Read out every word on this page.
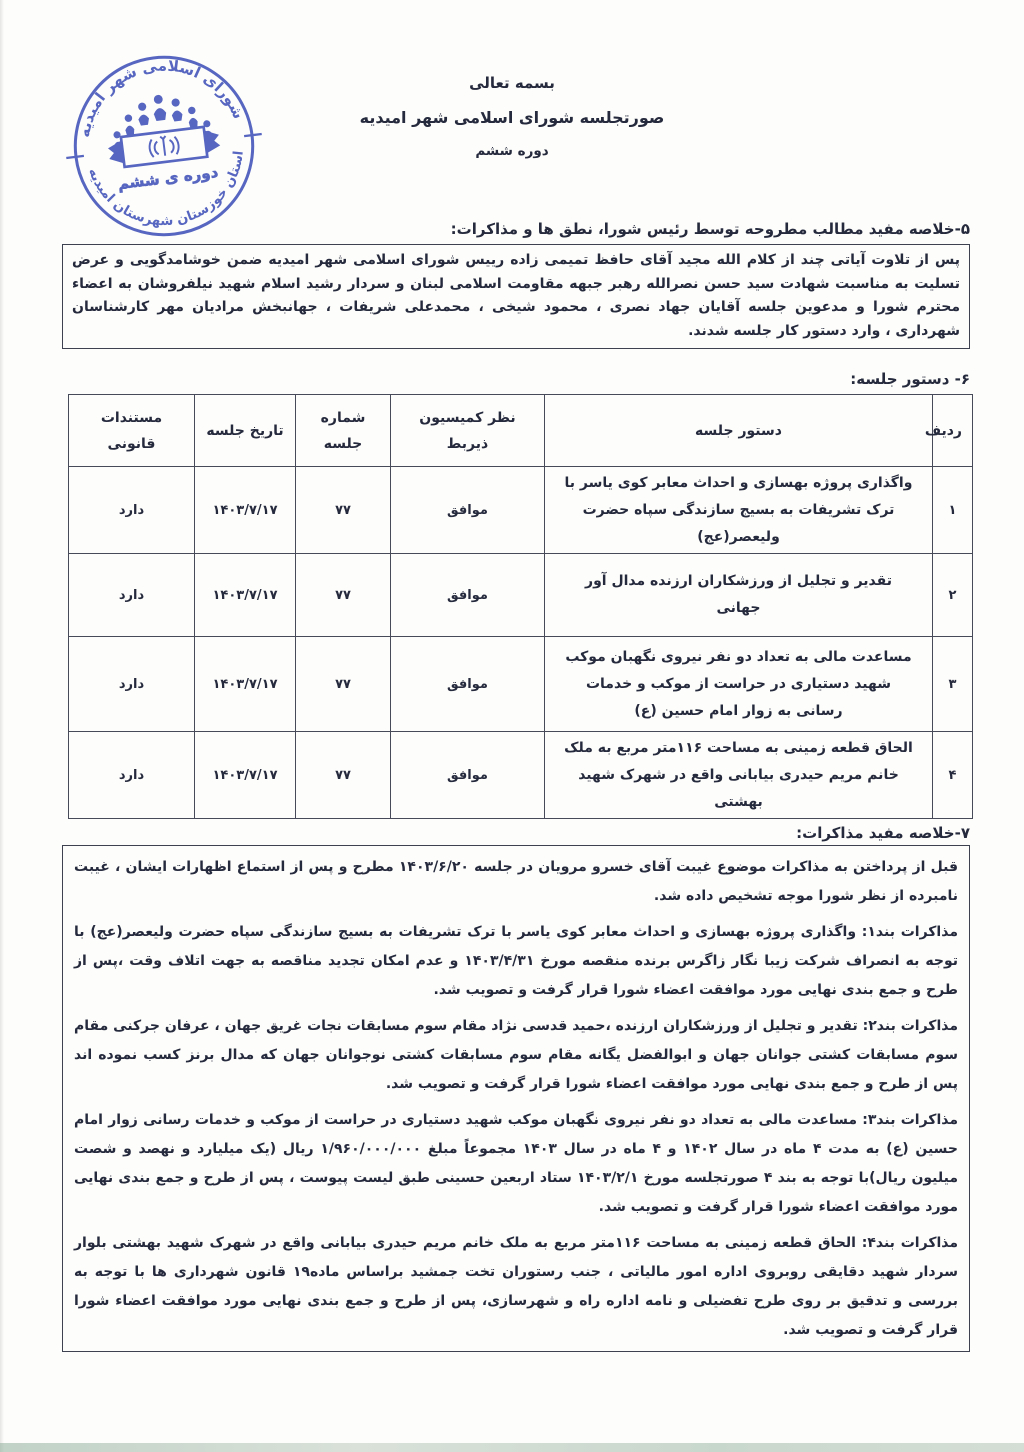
شورای اسلامی شهر امیدیه
استان خوزستان شهرستان امیدیه
دوره ی ششم

بسمه تعالی

صورتجلسه شورای اسلامی شهر امیدیه

دوره ششم

۵-خلاصه مفید مطالب مطروحه توسط رئیس شورا، نطق ها و مذاکرات:

پس از تلاوت آیاتی چند از کلام الله مجید آقای حافظ تمیمی زاده رییس شورای اسلامی شهر امیدیه ضمن خوشامدگویی و عرض تسلیت به مناسبت شهادت سید حسن نصرالله رهبر جبهه مقاومت اسلامی لبنان و سردار رشید اسلام شهید نیلفروشان به اعضاء محترم شورا و مدعوین جلسه آقایان جهاد نصری ، محمود شیخی ، محمدعلی شریفات ، جهانبخش مرادیان مهر کارشناسان شهرداری ، وارد دستور کار جلسه شدند.

۶- دستور جلسه:
ردیف	دستور جلسه	نظر کمیسیون ذیربط	شماره جلسه	تاریخ جلسه	مستندات قانونی
۱	واگذاری پروژه بهسازی و احداث معابر کوی یاسر با ترک تشریفات به بسیج سازندگی سپاه حضرت ولیعصر(عج)	موافق	۷۷	۱۴۰۳/۷/۱۷	دارد
۲	تقدیر و تجلیل از ورزشکاران ارزنده مدال آور جهانی	موافق	۷۷	۱۴۰۳/۷/۱۷	دارد
۳	مساعدت مالی به تعداد دو نفر نیروی نگهبان موکب شهید دستیاری در حراست از موکب و خدمات رسانی به زوار امام حسین (ع)	موافق	۷۷	۱۴۰۳/۷/۱۷	دارد
۴	الحاق قطعه زمینی به مساحت ۱۱۶متر مربع به ملک خانم مریم حیدری بیابانی واقع در شهرک شهید بهشتی	موافق	۷۷	۱۴۰۳/۷/۱۷	دارد
۷-خلاصه مفید مذاکرات:

قبل از پرداختن به مذاکرات موضوع غیبت آقای خسرو مرویان در جلسه ۱۴۰۳/۶/۲۰ مطرح و پس از استماع اظهارات ایشان ، غیبت نامبرده از نظر شورا موجه تشخیص داده شد.

مذاکرات بند۱: واگذاری پروژه بهسازی و احداث معابر کوی یاسر با ترک تشریفات به بسیج سازندگی سپاه حضرت ولیعصر(عج) با توجه به انصراف شرکت زیبا نگار زاگرس برنده منقصه مورخ ۱۴۰۳/۴/۳۱ و عدم امکان تجدید مناقصه به جهت اتلاف وقت ،پس از طرح و جمع بندی نهایی مورد موافقت اعضاء شورا قرار گرفت و تصویب شد.

مذاکرات بند۲: تقدیر و تجلیل از ورزشکاران ارزنده ،حمید قدسی نژاد مقام سوم مسابقات نجات غریق جهان ، عرفان جرکنی مقام سوم مسابقات کشتی جوانان جهان و ابوالفضل یگانه مقام سوم مسابقات کشتی نوجوانان جهان که مدال برنز کسب نموده اند پس از طرح و جمع بندی نهایی مورد موافقت اعضاء شورا قرار گرفت و تصویب شد.

مذاکرات بند۳: مساعدت مالی به تعداد دو نفر نیروی نگهبان موکب شهید دستیاری در حراست از موکب و خدمات رسانی زوار امام حسین (ع) به مدت ۴ ماه در سال ۱۴۰۲ و ۴ ماه در سال ۱۴۰۳ مجموعاً مبلغ ۱/۹۶۰/۰۰۰/۰۰۰ ریال (یک میلیارد و نهصد و شصت میلیون ریال)با توجه به بند ۴ صورتجلسه مورخ ۱۴۰۳/۲/۱ ستاد اربعین حسینی طبق لیست پیوست ، پس از طرح و جمع بندی نهایی مورد موافقت اعضاء شورا قرار گرفت و تصویب شد.

مذاکرات بند۴: الحاق قطعه زمینی به مساحت ۱۱۶متر مربع به ملک خانم مریم حیدری بیابانی واقع در شهرک شهید بهشتی بلوار سردار شهید دقایقی روبروی اداره امور مالیاتی ، جنب رستوران تخت جمشید براساس ماده۱۹ قانون شهرداری ها با توجه به بررسی و تدقیق بر روی طرح تفضیلی و نامه اداره راه و شهرسازی، پس از طرح و جمع بندی نهایی مورد موافقت اعضاء شورا قرار گرفت و تصویب شد.
